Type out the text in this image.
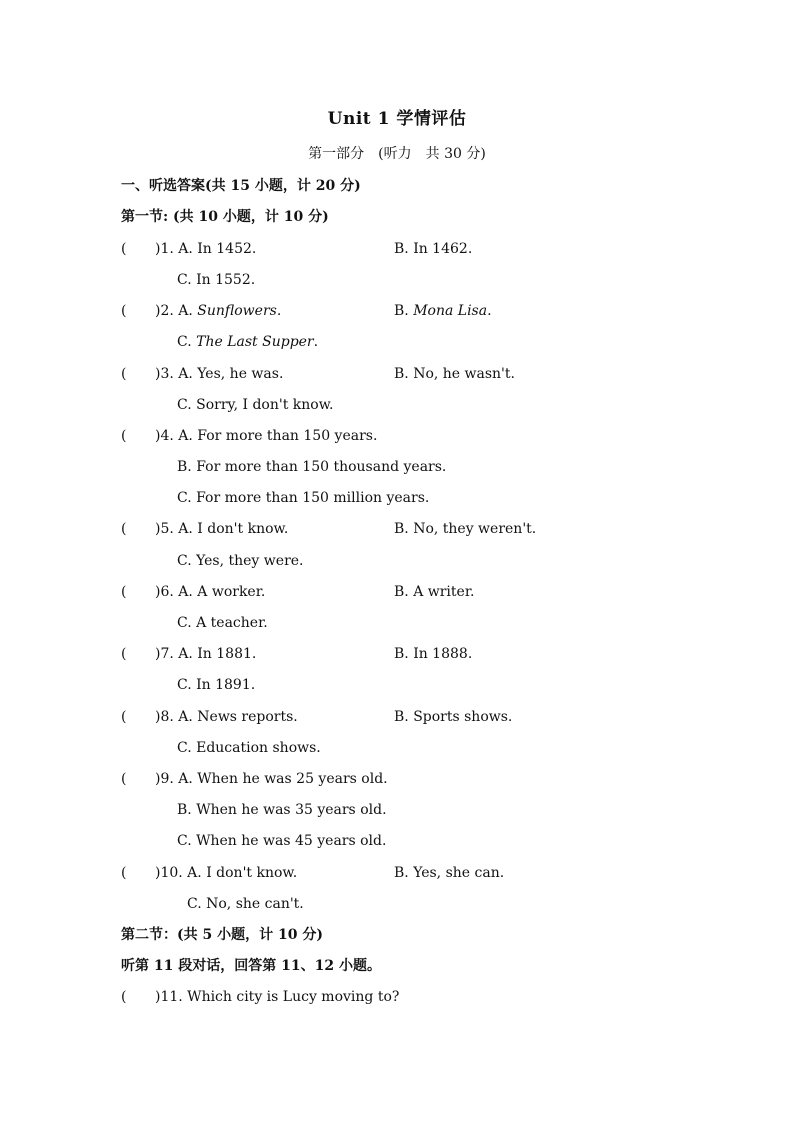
Unit 1 学情评估
第一部分　(听力　共 30 分)
一、听选答案(共 15 小题，计 20 分)
第一节: (共 10 小题，计 10 分)
( )1. A. In 1452.	B. In 1462.
C. In 1552.
( )2. A. Sunflowers.	B. Mona Lisa.
C. The Last Supper.
( )3. A. Yes, he was.	B. No, he wasn't.
C. Sorry, I don't know.
( )4. A. For more than 150 years.
B. For more than 150 thousand years.
C. For more than 150 million years.
( )5. A. I don't know.	B. No, they weren't.
C. Yes, they were.
( )6. A. A worker.	B. A writer.
C. A teacher.
( )7. A. In 1881.	B. In 1888.
C. In 1891.
( )8. A. News reports.	B. Sports shows.
C. Education shows.
( )9. A. When he was 25 years old.
B. When he was 35 years old.
C. When he was 45 years old.
( )10. A. I don't know.	B. Yes, she can.
C. No, she can't.
第二节：(共 5 小题，计 10 分)
听第 11 段对话，回答第 11、12 小题。
( )11. Which city is Lucy moving to?
